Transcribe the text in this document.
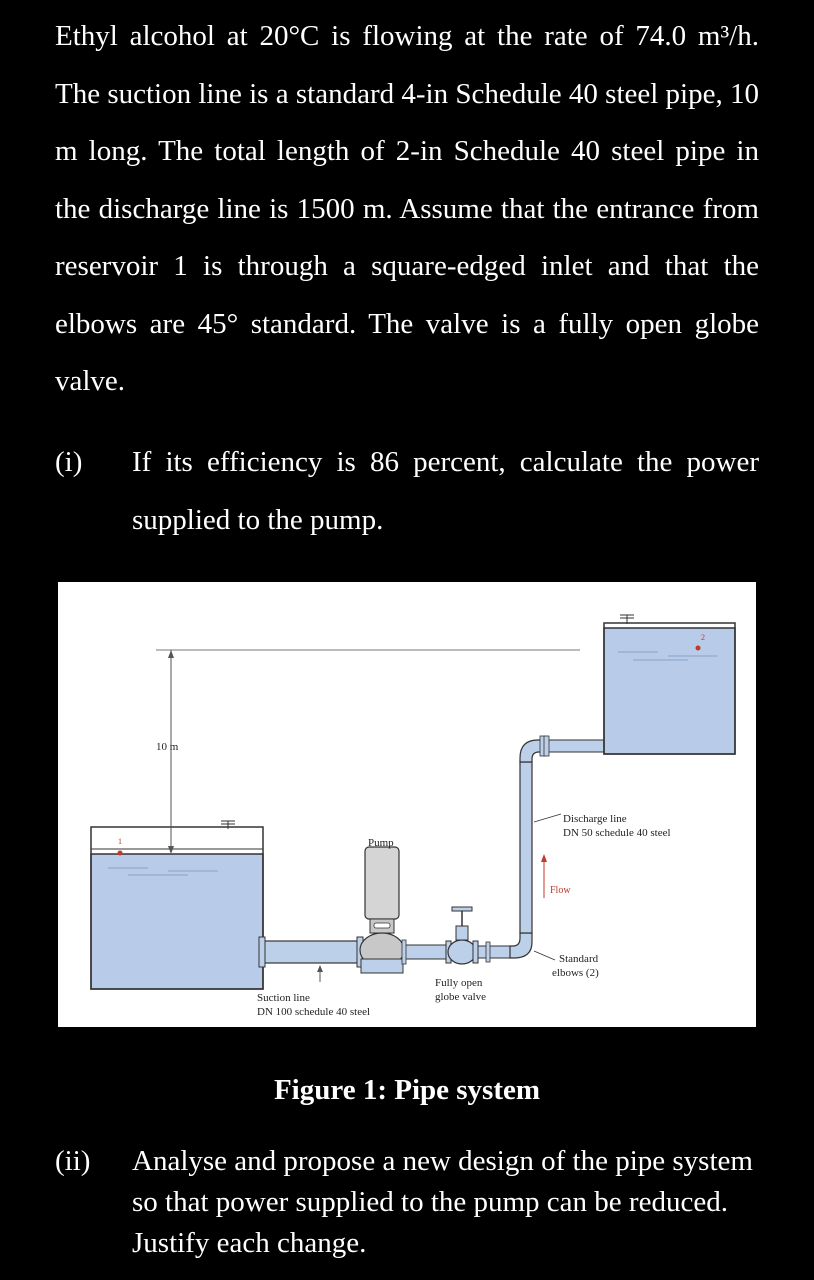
Ethyl alcohol at 20°C is flowing at the rate of 74.0 m³/h. The suction line is a standard 4-in Schedule 40 steel pipe, 10 m long. The total length of 2-in Schedule 40 steel pipe in the discharge line is 1500 m. Assume that the entrance from reservoir 1 is through a square-edged inlet and that the elbows are 45° standard. The valve is a fully open globe valve.
(i) If its efficiency is 86 percent, calculate the power supplied to the pump.
1
10 m
Pump
2
Discharge line
DN 50 schedule 40 steel
Flow
Standard
elbows (2)
Fully open
globe valve
Suction line
DN 100 schedule 40 steel
Figure 1: Pipe system
(ii) Analyse and propose a new design of the pipe system so that power supplied to the pump can be reduced. Justify each change.
